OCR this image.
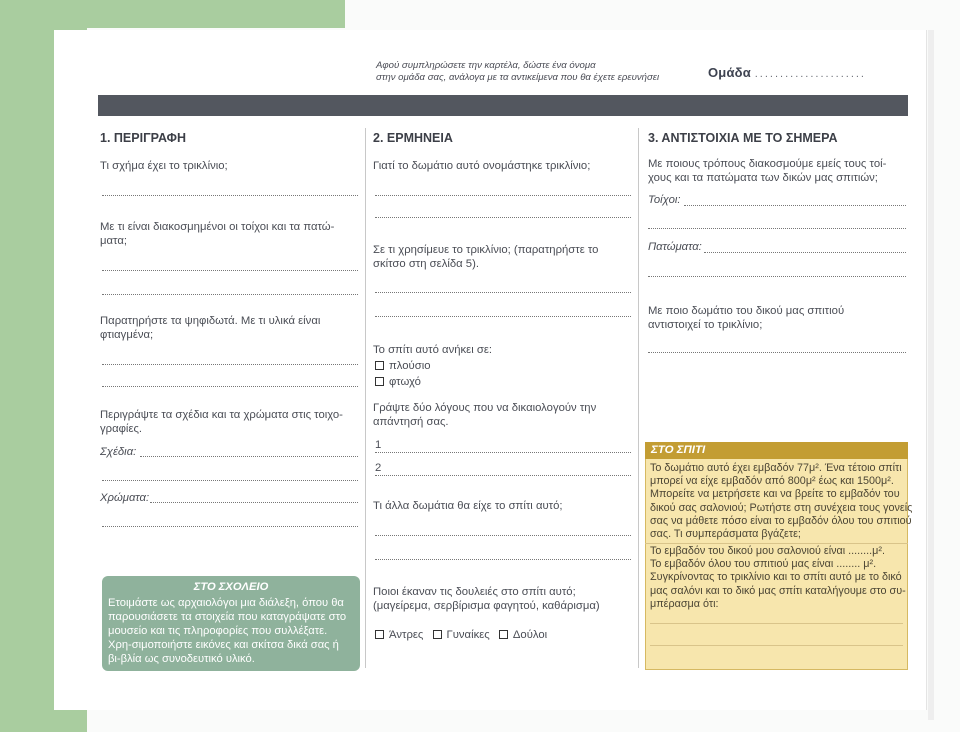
Αφού συμπληρώσετε την καρτέλα, δώστε ένα όνομα
στην ομάδα σας, ανάλογα με τα αντικείμενα που θα έχετε ερευνήσει	Ομάδα ......................
1. ΠΕΡΙΓΡΑΦΗ
Τι σχήμα έχει το τρικλίνιο;
Με τι είναι διακοσμημένοι οι τοίχοι και τα πατώ-
ματα;
Παρατηρήστε τα ψηφιδωτά. Με τι υλικά είναι
φτιαγμένα;
Περιγράψτε τα σχέδια και τα χρώματα στις τοιχο-
γραφίες.
Σχέδια:
Χρώματα:
ΣΤΟ ΣΧΟΛΕΙΟ
Ετοιμάστε ως αρχαιολόγοι μια διάλεξη, όπου θα παρουσιάσετε τα στοιχεία που καταγράψατε στο μουσείο και τις πληροφορίες που συλλέξατε. Χρη-σιμοποιήστε εικόνες και σκίτσα δικά σας ή βι-βλία ως συνοδευτικό υλικό.
2. ΕΡΜΗΝΕΙΑ
Γιατί το δωμάτιο αυτό ονομάστηκε τρικλίνιο;
Σε τι χρησίμευε το τρικλίνιο; (παρατηρήστε το
σκίτσο στη σελίδα 5).
Το σπίτι αυτό ανήκει σε:
πλούσιο
φτωχό
Γράψτε δύο λόγους που να δικαιολογούν την
απάντησή σας.
1
2
Τι άλλα δωμάτια θα είχε το σπίτι αυτό;
Ποιοι έκαναν τις δουλειές στο σπίτι αυτό;
(μαγείρεμα, σερβίρισμα φαγητού, καθάρισμα)
Άντρες Γυναίκες Δούλοι
3. ΑΝΤΙΣΤΟΙΧΙΑ ΜΕ ΤΟ ΣΗΜΕΡΑ
Με ποιους τρόπους διακοσμούμε εμείς τους τοί-
χους και τα πατώματα των δικών μας σπιτιών;
Τοίχοι:
Πατώματα:
Με ποιο δωμάτιο του δικού μας σπιτιού
αντιστοιχεί το τρικλίνιο;
ΣΤΟ ΣΠΙΤΙ
Το δωμάτιο αυτό έχει εμβαδόν 77μ². Ένα τέτοιο σπίτι
μπορεί να είχε εμβαδόν από 800μ² έως και 1500μ².
Μπορείτε να μετρήσετε και να βρείτε το εμβαδόν του
δικού σας σαλονιού; Ρωτήστε στη συνέχεια τους γονείς
σας να μάθετε πόσο είναι το εμβαδόν όλου του σπιτιού
σας. Τι συμπεράσματα βγάζετε;
Το εμβαδόν του δικού μου σαλονιού είναι ........μ².
Το εμβαδόν όλου του σπιτιού μας είναι ........ μ².
Συγκρίνοντας το τρικλίνιο και το σπίτι αυτό με το δικό
μας σαλόνι και το δικό μας σπίτι καταλήγουμε στο συ-
μπέρασμα ότι:
